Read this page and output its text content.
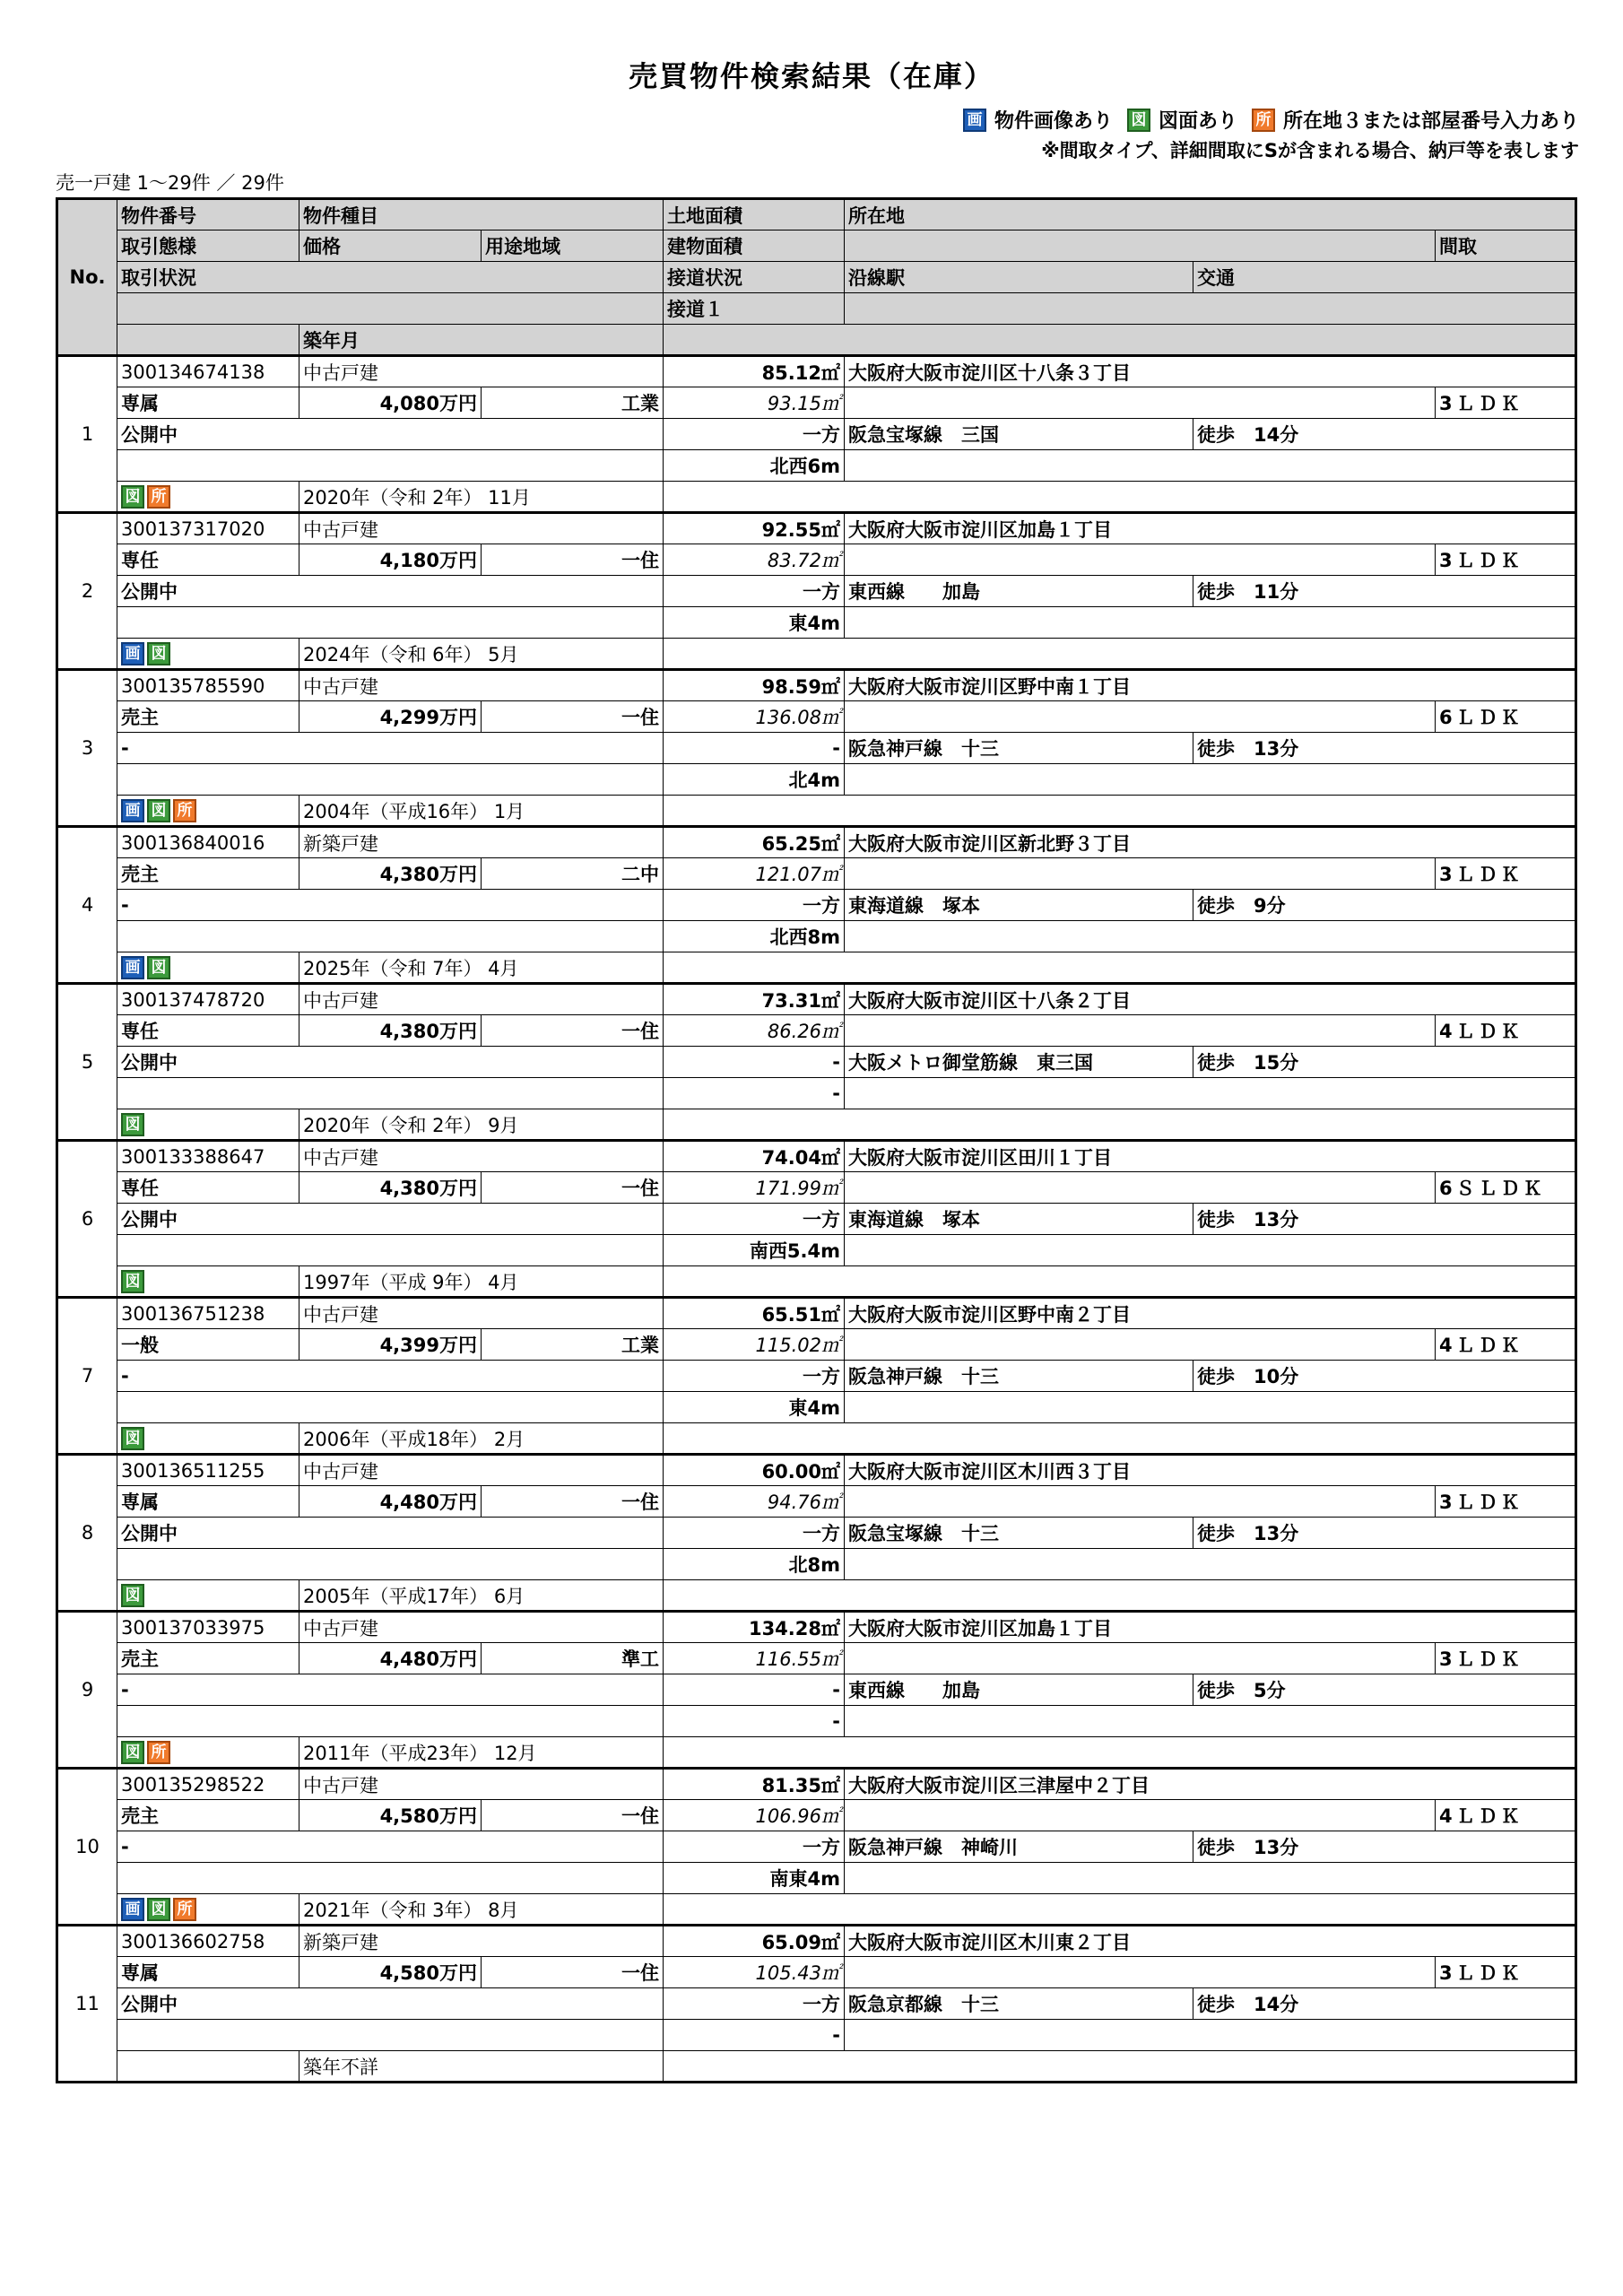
売買物件検索結果（在庫）
画 物件画像あり 図 図面あり 所 所在地３または部屋番号入力あり
※間取タイプ、詳細間取にSが含まれる場合、納戸等を表します
売一戸建 1〜29件 ／ 29件
No.	物件番号	物件種目		土地面積	所在地		
	取引態様	価格	用途地域	建物面積			間取
	取引状況			接道状況	沿線駅	交通	
				接道１			
		築年月					
1	300134674138	中古戸建		85.12㎡	大阪府大阪市淀川区十八条３丁目		
	専属	4,080万円	工業	93.15㎡			3ＬＤＫ
	公開中			一方	阪急宝塚線　三国	徒歩　14分	
				北西6m			
	図 所	2020年（令和 2年） 11月					
2	300137317020	中古戸建		92.55㎡	大阪府大阪市淀川区加島１丁目		
	専任	4,180万円	一住	83.72㎡			3ＬＤＫ
	公開中			一方	東西線　　加島	徒歩　11分	
				東4m			
	画 図	2024年（令和 6年） 5月					
3	300135785590	中古戸建		98.59㎡	大阪府大阪市淀川区野中南１丁目		
	売主	4,299万円	一住	136.08㎡			6ＬＤＫ
	-			-	阪急神戸線　十三	徒歩　13分	
				北4m			
	画 図 所	2004年（平成16年） 1月					
4	300136840016	新築戸建		65.25㎡	大阪府大阪市淀川区新北野３丁目		
	売主	4,380万円	二中	121.07㎡			3ＬＤＫ
	-			一方	東海道線　塚本	徒歩　9分	
				北西8m			
	画 図	2025年（令和 7年） 4月					
5	300137478720	中古戸建		73.31㎡	大阪府大阪市淀川区十八条２丁目		
	専任	4,380万円	一住	86.26㎡			4ＬＤＫ
	公開中			-	大阪メトロ御堂筋線　東三国	徒歩　15分	
				-			
	図	2020年（令和 2年） 9月					
6	300133388647	中古戸建		74.04㎡	大阪府大阪市淀川区田川１丁目		
	専任	4,380万円	一住	171.99㎡			6ＳＬＤＫ
	公開中			一方	東海道線　塚本	徒歩　13分	
				南西5.4m			
	図	1997年（平成 9年） 4月					
7	300136751238	中古戸建		65.51㎡	大阪府大阪市淀川区野中南２丁目		
	一般	4,399万円	工業	115.02㎡			4ＬＤＫ
	-			一方	阪急神戸線　十三	徒歩　10分	
				東4m			
	図	2006年（平成18年） 2月					
8	300136511255	中古戸建		60.00㎡	大阪府大阪市淀川区木川西３丁目		
	専属	4,480万円	一住	94.76㎡			3ＬＤＫ
	公開中			一方	阪急宝塚線　十三	徒歩　13分	
				北8m			
	図	2005年（平成17年） 6月					
9	300137033975	中古戸建		134.28㎡	大阪府大阪市淀川区加島１丁目		
	売主	4,480万円	準工	116.55㎡			3ＬＤＫ
	-			-	東西線　　加島	徒歩　5分	
				-			
	図 所	2011年（平成23年） 12月					
10	300135298522	中古戸建		81.35㎡	大阪府大阪市淀川区三津屋中２丁目		
	売主	4,580万円	一住	106.96㎡			4ＬＤＫ
	-			一方	阪急神戸線　神崎川	徒歩　13分	
				南東4m			
	画 図 所	2021年（令和 3年） 8月					
11	300136602758	新築戸建		65.09㎡	大阪府大阪市淀川区木川東２丁目		
	専属	4,580万円	一住	105.43㎡			3ＬＤＫ
	公開中			一方	阪急京都線　十三	徒歩　14分	
				-			
		築年不詳					
